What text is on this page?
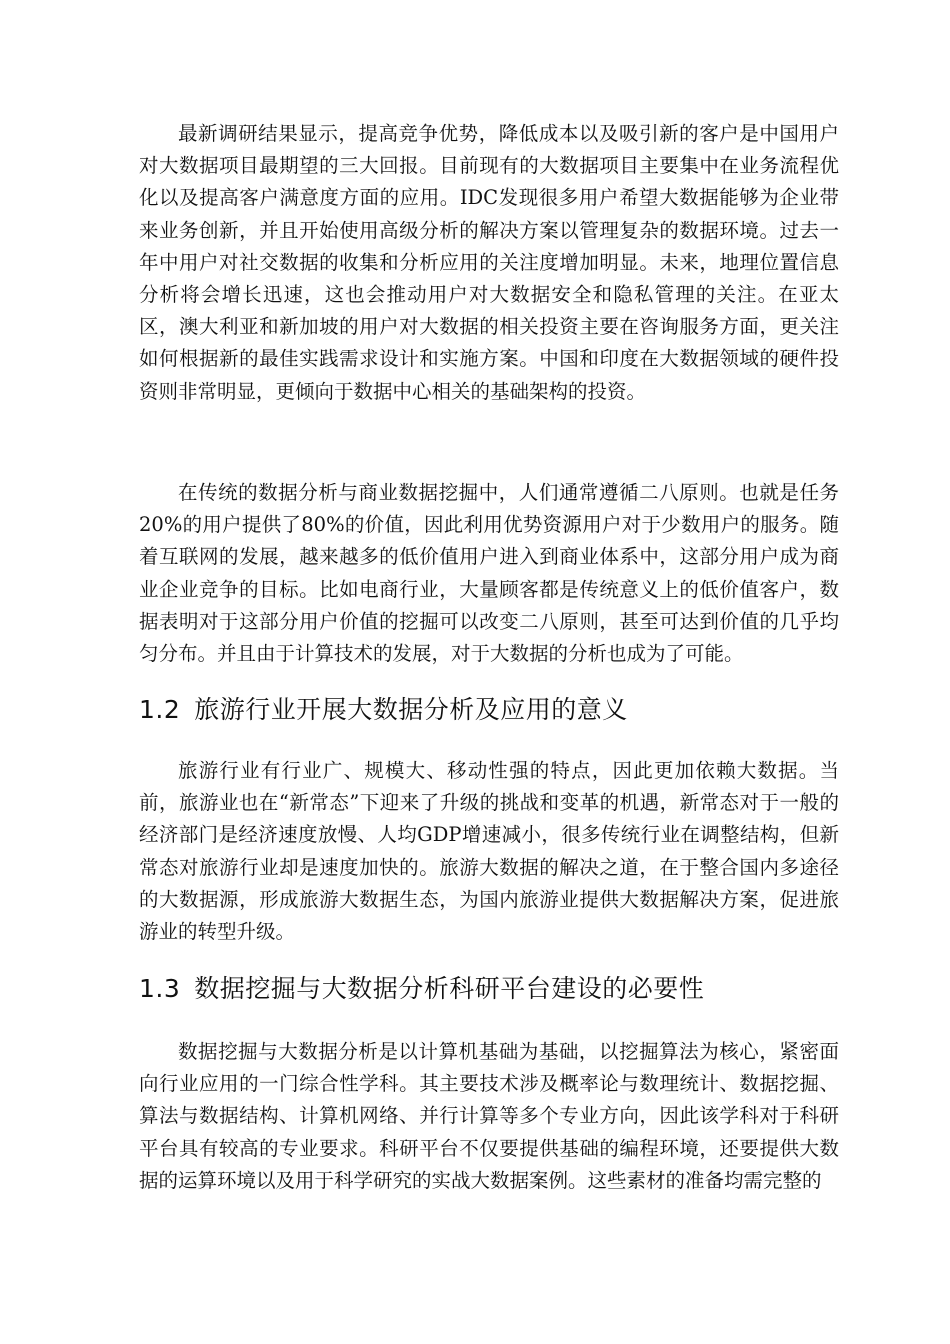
最新调研结果显示，提高竞争优势，降低成本以及吸引新的客户是中国用户对大数据项目最期望的三大回报。目前现有的大数据项目主要集中在业务流程优化以及提高客户满意度方面的应用。IDC发现很多用户希望大数据能够为企业带来业务创新，并且开始使用高级分析的解决方案以管理复杂的数据环境。过去一年中用户对社交数据的收集和分析应用的关注度增加明显。未来，地理位置信息分析将会增长迅速，这也会推动用户对大数据安全和隐私管理的关注。在亚太区，澳大利亚和新加坡的用户对大数据的相关投资主要在咨询服务方面，更关注如何根据新的最佳实践需求设计和实施方案。中国和印度在大数据领域的硬件投资则非常明显，更倾向于数据中心相关的基础架构的投资。

在传统的数据分析与商业数据挖掘中，人们通常遵循二八原则。也就是任务20%的用户提供了80%的价值，因此利用优势资源用户对于少数用户的服务。随着互联网的发展，越来越多的低价值用户进入到商业体系中，这部分用户成为商业企业竞争的目标。比如电商行业，大量顾客都是传统意义上的低价值客户，数据表明对于这部分用户价值的挖掘可以改变二八原则，甚至可达到价值的几乎均匀分布。并且由于计算技术的发展，对于大数据的分析也成为了可能。

1.2 旅游行业开展大数据分析及应用的意义

旅游行业有行业广、规模大、移动性强的特点，因此更加依赖大数据。当前，旅游业也在“新常态”下迎来了升级的挑战和变革的机遇，新常态对于一般的经济部门是经济速度放慢、人均GDP增速减小，很多传统行业在调整结构，但新常态对旅游行业却是速度加快的。旅游大数据的解决之道，在于整合国内多途径的大数据源，形成旅游大数据生态，为国内旅游业提供大数据解决方案，促进旅游业的转型升级。

1.3 数据挖掘与大数据分析科研平台建设的必要性

数据挖掘与大数据分析是以计算机基础为基础，以挖掘算法为核心，紧密面向行业应用的一门综合性学科。其主要技术涉及概率论与数理统计、数据挖掘、算法与数据结构、计算机网络、并行计算等多个专业方向，因此该学科对于科研平台具有较高的专业要求。科研平台不仅要提供基础的编程环境，还要提供大数据的运算环境以及用于科学研究的实战大数据案例。这些素材的准备均需完整的
